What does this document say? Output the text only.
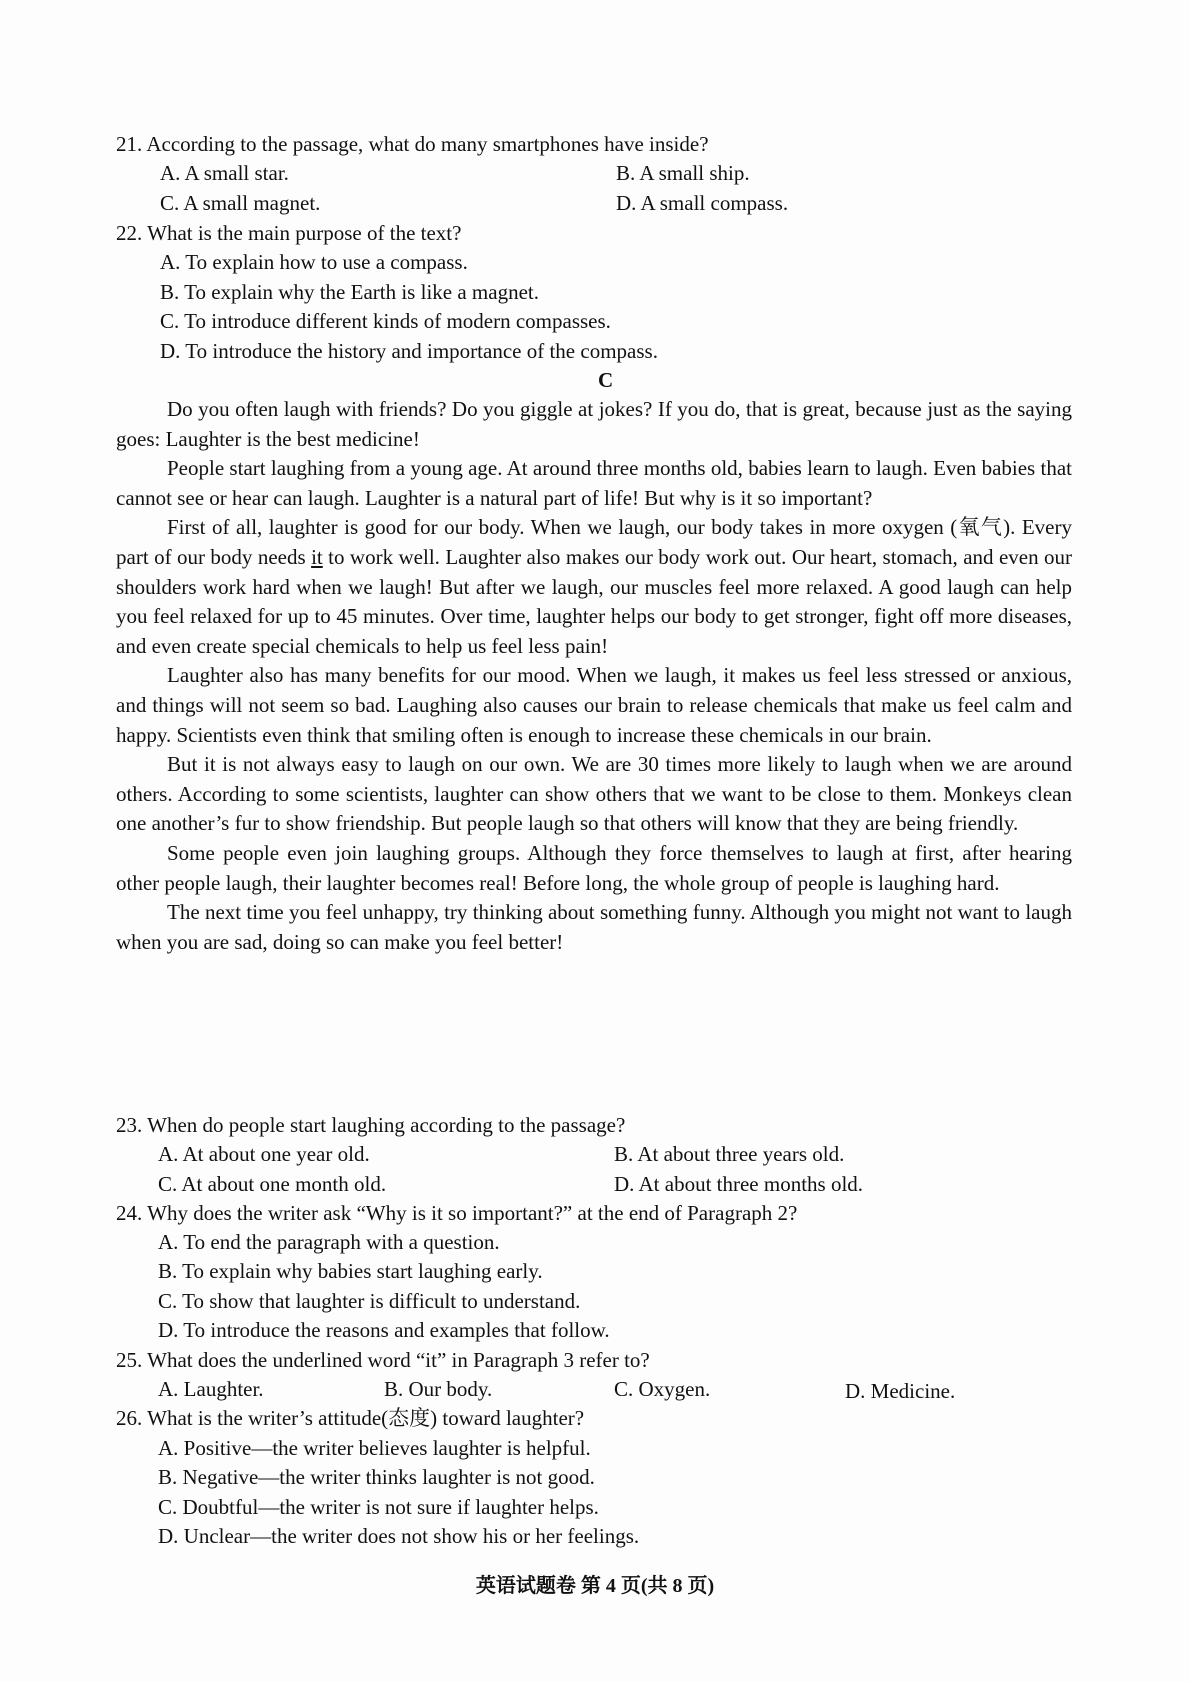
21. According to the passage, what do many smartphones have inside?
A. A small star.	B. A small ship.
C. A small magnet.	D. A small compass.
22. What is the main purpose of the text?
A. To explain how to use a compass.
B. To explain why the Earth is like a magnet.
C. To introduce different kinds of modern compasses.
D. To introduce the history and importance of the compass.
C

Do you often laugh with friends? Do you giggle at jokes? If you do, that is great, because just as the saying goes: Laughter is the best medicine!

People start laughing from a young age. At around three months old, babies learn to laugh. Even babies that cannot see or hear can laugh. Laughter is a natural part of life! But why is it so important?

First of all, laughter is good for our body. When we laugh, our body takes in more oxygen (氧气). Every part of our body needs it to work well. Laughter also makes our body work out. Our heart, stomach, and even our shoulders work hard when we laugh! But after we laugh, our muscles feel more relaxed. A good laugh can help you feel relaxed for up to 45 minutes. Over time, laughter helps our body to get stronger, fight off more diseases, and even create special chemicals to help us feel less pain!

Laughter also has many benefits for our mood. When we laugh, it makes us feel less stressed or anxious, and things will not seem so bad. Laughing also causes our brain to release chemicals that make us feel calm and happy. Scientists even think that smiling often is enough to increase these chemicals in our brain.

But it is not always easy to laugh on our own. We are 30 times more likely to laugh when we are around others. According to some scientists, laughter can show others that we want to be close to them. Monkeys clean one another’s fur to show friendship. But people laugh so that others will know that they are being friendly.

Some people even join laughing groups. Although they force themselves to laugh at first, after hearing other people laugh, their laughter becomes real! Before long, the whole group of people is laughing hard.

The next time you feel unhappy, try thinking about something funny. Although you might not want to laugh when you are sad, doing so can make you feel better!

23. When do people start laughing according to the passage?
A. At about one year old.	B. At about three years old.
C. At about one month old.	D. At about three months old.
24. Why does the writer ask “Why is it so important?” at the end of Paragraph 2?
A. To end the paragraph with a question.
B. To explain why babies start laughing early.
C. To show that laughter is difficult to understand.
D. To introduce the reasons and examples that follow.
25. What does the underlined word “it” in Paragraph 3 refer to?
A. Laughter.	B. Our body.	C. Oxygen.	D. Medicine.
26. What is the writer’s attitude(态度) toward laughter?
A. Positive—the writer believes laughter is helpful.
B. Negative—the writer thinks laughter is not good.
C. Doubtful—the writer is not sure if laughter helps.
D. Unclear—the writer does not show his or her feelings.
英语试题卷 第 4 页(共 8 页)
